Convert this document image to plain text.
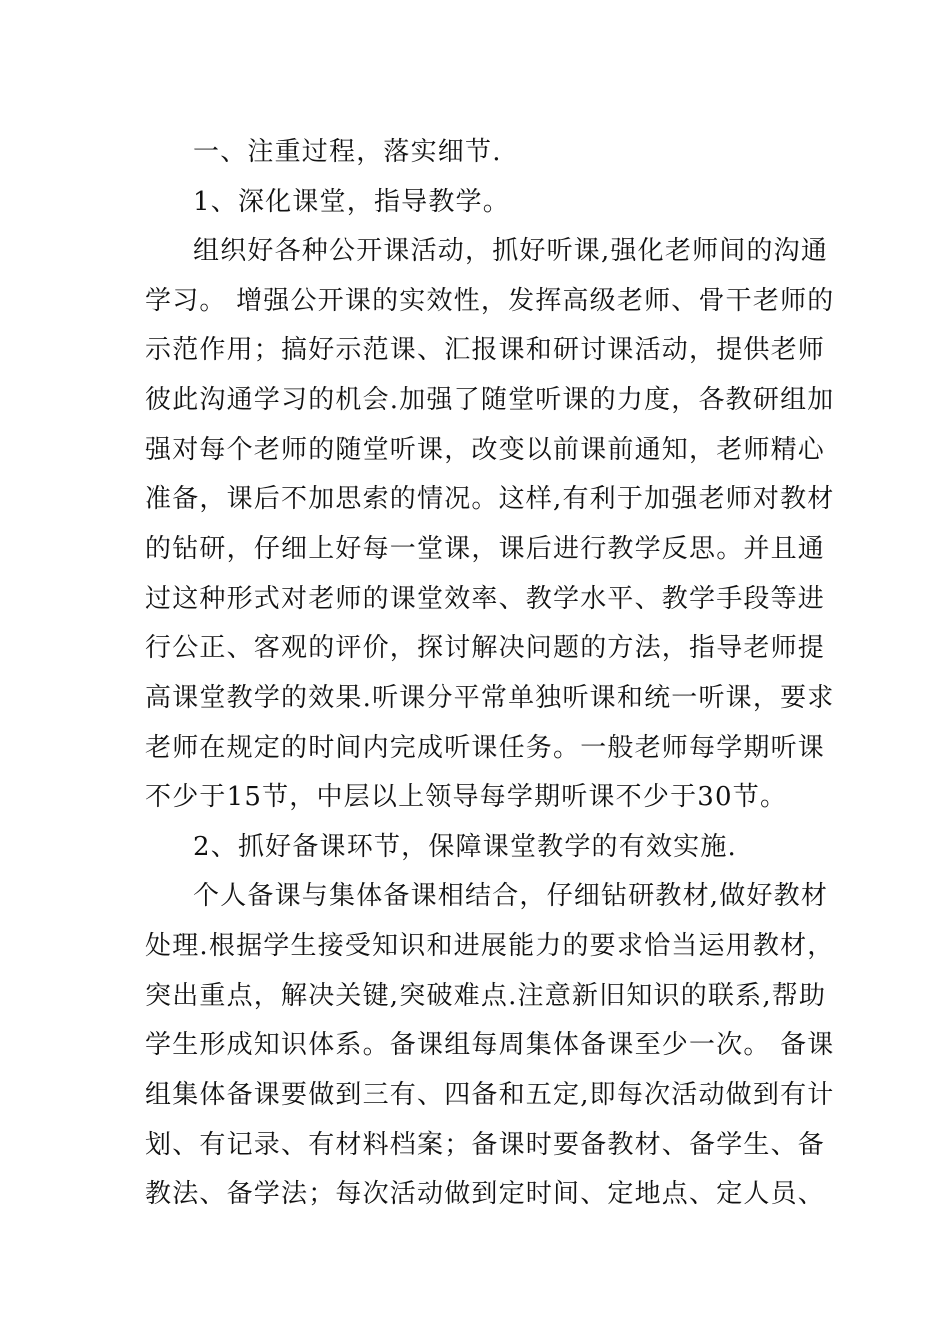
一、注重过程，落实细节.
1、深化课堂，指导教学。
组织好各种公开课活动，抓好听课,强化老师间的沟通
学习。 增强公开课的实效性，发挥高级老师、骨干老师的
示范作用；搞好示范课、汇报课和研讨课活动，提供老师
彼此沟通学习的机会.加强了随堂听课的力度，各教研组加
强对每个老师的随堂听课，改变以前课前通知，老师精心
准备，课后不加思索的情况。这样,有利于加强老师对教材
的钻研，仔细上好每一堂课，课后进行教学反思。并且通
过这种形式对老师的课堂效率、教学水平、教学手段等进
行公正、客观的评价，探讨解决问题的方法，指导老师提
高课堂教学的效果.听课分平常单独听课和统一听课，要求
老师在规定的时间内完成听课任务。一般老师每学期听课
不少于15节，中层以上领导每学期听课不少于30节。
2、抓好备课环节，保障课堂教学的有效实施.
个人备课与集体备课相结合，仔细钻研教材,做好教材
处理.根据学生接受知识和进展能力的要求恰当运用教材，
突出重点，解决关键,突破难点.注意新旧知识的联系,帮助
学生形成知识体系。备课组每周集体备课至少一次。 备课
组集体备课要做到三有、四备和五定,即每次活动做到有计
划、有记录、有材料档案；备课时要备教材、备学生、备
教法、备学法；每次活动做到定时间、定地点、定人员、
